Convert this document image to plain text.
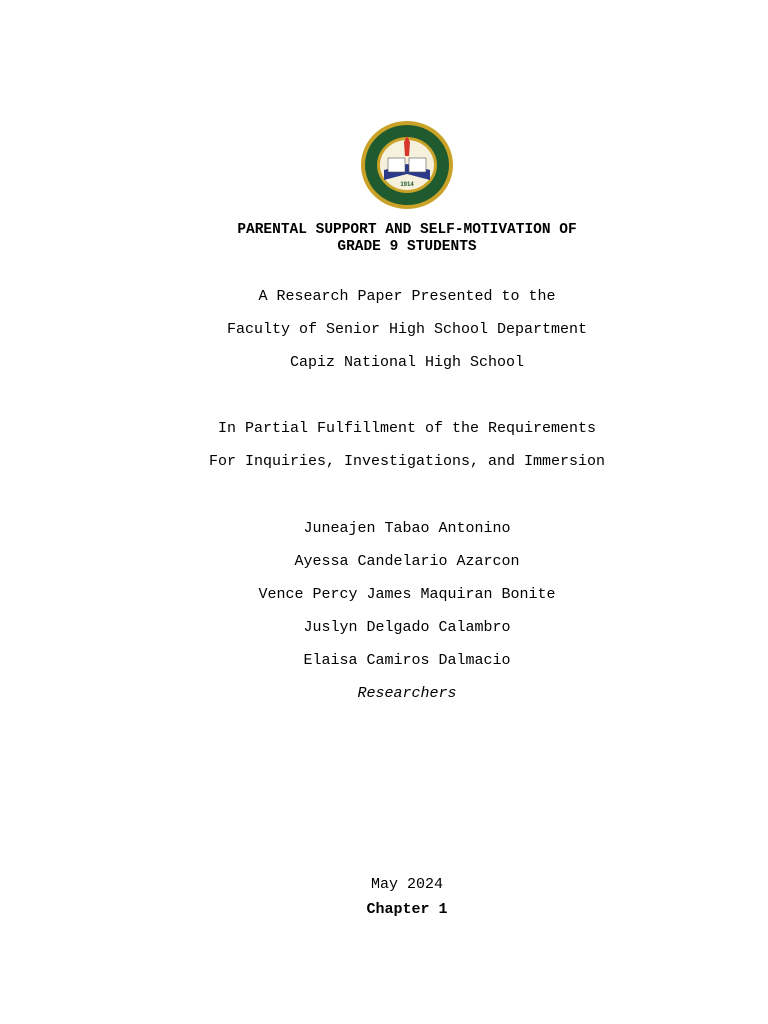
1914
PARENTAL SUPPORT AND SELF-MOTIVATION OF
GRADE 9 STUDENTS
A Research Paper Presented to the
Faculty of Senior High School Department
Capiz National High School
In Partial Fulfillment of the Requirements
For Inquiries, Investigations, and Immersion
Juneajen Tabao Antonino
Ayessa Candelario Azarcon
Vence Percy James Maquiran Bonite
Juslyn Delgado Calambro
Elaisa Camiros Dalmacio
Researchers
May 2024
Chapter 1
